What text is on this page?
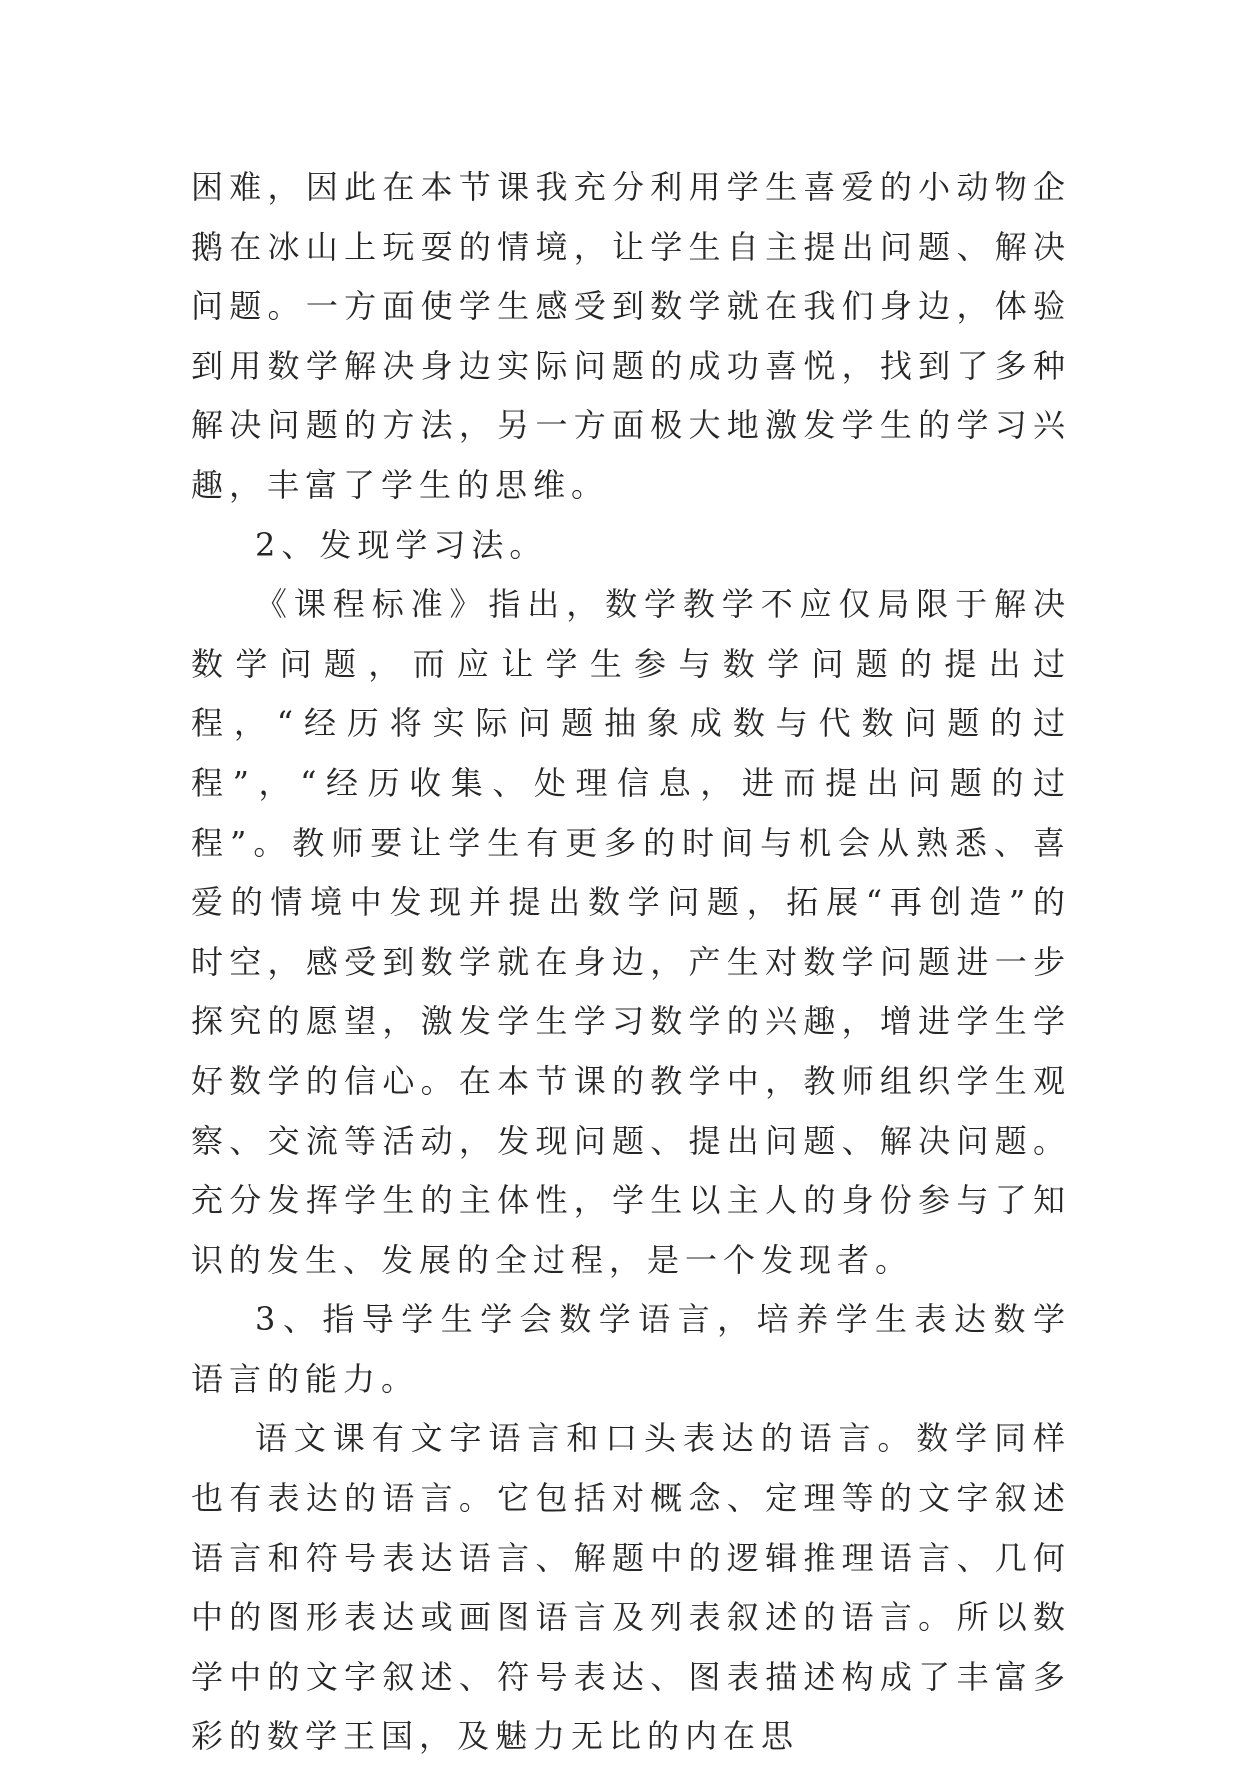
困难，因此在本节课我充分利用学生喜爱的小动物企鹅在冰山上玩耍的情境，让学生自主提出问题、解决问题。一方面使学生感受到数学就在我们身边，体验到用数学解决身边实际问题的成功喜悦，找到了多种解决问题的方法，另一方面极大地激发学生的学习兴趣，丰富了学生的思维。

2、发现学习法。

《课程标准》指出，数学教学不应仅局限于解决数学问题，而应让学生参与数学问题的提出过程，“经历将实际问题抽象成数与代数问题的过程”，“经历收集、处理信息，进而提出问题的过程”。教师要让学生有更多的时间与机会从熟悉、喜爱的情境中发现并提出数学问题，拓展“再创造”的时空，感受到数学就在身边，产生对数学问题进一步探究的愿望，激发学生学习数学的兴趣，增进学生学好数学的信心。在本节课的教学中，教师组织学生观察、交流等活动，发现问题、提出问题、解决问题。充分发挥学生的主体性，学生以主人的身份参与了知识的发生、发展的全过程，是一个发现者。

3、指导学生学会数学语言，培养学生表达数学语言的能力。

语文课有文字语言和口头表达的语言。数学同样也有表达的语言。它包括对概念、定理等的文字叙述语言和符号表达语言、解题中的逻辑推理语言、几何中的图形表达或画图语言及列表叙述的语言。所以数学中的文字叙述、符号表达、图表描述构成了丰富多彩的数学王国，及魅力无比的内在思
